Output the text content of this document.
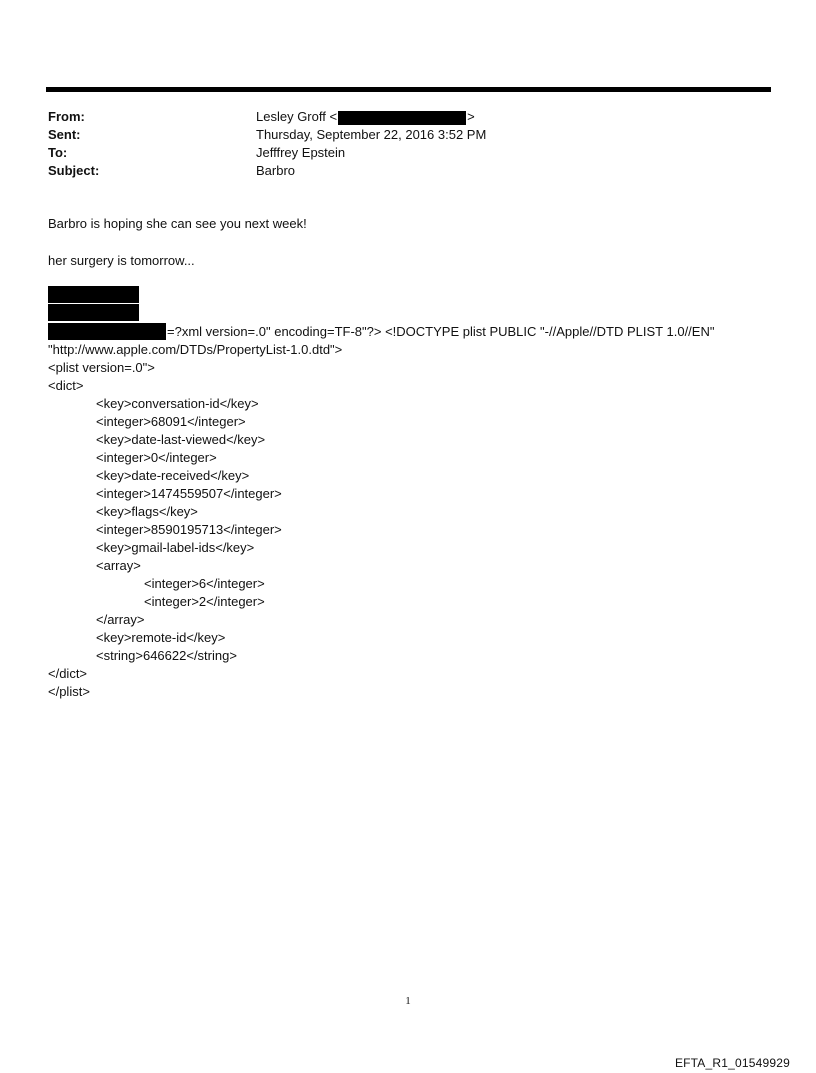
From:	Lesley Groff <	>
Sent:	Thursday, September 22, 2016 3:52 PM
To:	Jefffrey Epstein
Subject:	Barbro
Barbro is hoping she can see you next week!
her surgery is tomorrow...
=?xml version=.0" encoding=TF-8"?> <!DOCTYPE plist PUBLIC "-//Apple//DTD PLIST 1.0//EN"
"http://www.apple.com/DTDs/PropertyList-1.0.dtd">
<plist version=.0">
<dict>
<key>conversation-id</key>
<integer>68091</integer>
<key>date-last-viewed</key>
<integer>0</integer>
<key>date-received</key>
<integer>1474559507</integer>
<key>flags</key>
<integer>8590195713</integer>
<key>gmail-label-ids</key>
<array>
<integer>6</integer>
<integer>2</integer>
</array>
<key>remote-id</key>
<string>646622</string>
</dict>
</plist>
1
EFTA_R1_01549929
